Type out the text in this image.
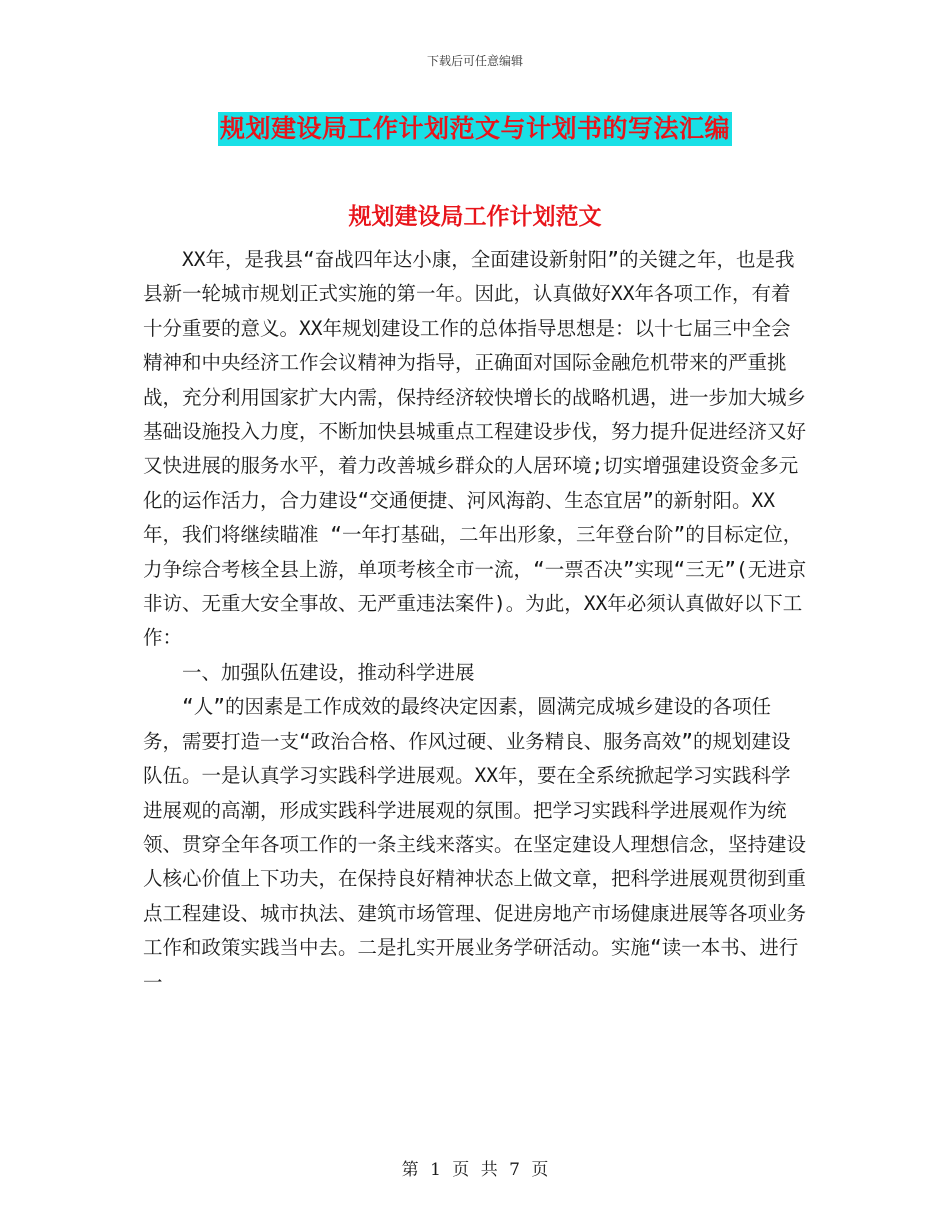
下载后可任意编辑
规划建设局工作计划范文与计划书的写法汇编
规划建设局工作计划范文

XX年，是我县“奋战四年达小康，全面建设新射阳”的关键之年，也是我县新一轮城市规划正式实施的第一年。因此，认真做好XX年各项工作，有着十分重要的意义。XX年规划建设工作的总体指导思想是：以十七届三中全会精神和中央经济工作会议精神为指导，正确面对国际金融危机带来的严重挑战，充分利用国家扩大内需，保持经济较快增长的战略机遇，进一步加大城乡基础设施投入力度，不断加快县城重点工程建设步伐，努力提升促进经济又好又快进展的服务水平，着力改善城乡群众的人居环境;切实增强建设资金多元化的运作活力，合力建设“交通便捷、河风海韵、生态宜居”的新射阳。XX年，我们将继续瞄准 “一年打基础，二年出形象，三年登台阶”的目标定位，力争综合考核全县上游，单项考核全市一流，“一票否决”实现“三无”(无进京非访、无重大安全事故、无严重违法案件)。为此，XX年必须认真做好以下工作：

一、加强队伍建设，推动科学进展

“人”的因素是工作成效的最终决定因素，圆满完成城乡建设的各项任务，需要打造一支“政治合格、作风过硬、业务精良、服务高效”的规划建设队伍。一是认真学习实践科学进展观。XX年，要在全系统掀起学习实践科学进展观的高潮，形成实践科学进展观的氛围。把学习实践科学进展观作为统领、贯穿全年各项工作的一条主线来落实。在坚定建设人理想信念，坚持建设人核心价值上下功夫，在保持良好精神状态上做文章，把科学进展观贯彻到重点工程建设、城市执法、建筑市场管理、促进房地产市场健康进展等各项业务工作和政策实践当中去。二是扎实开展业务学研活动。实施“读一本书、进行一

第 1 页 共 7 页
